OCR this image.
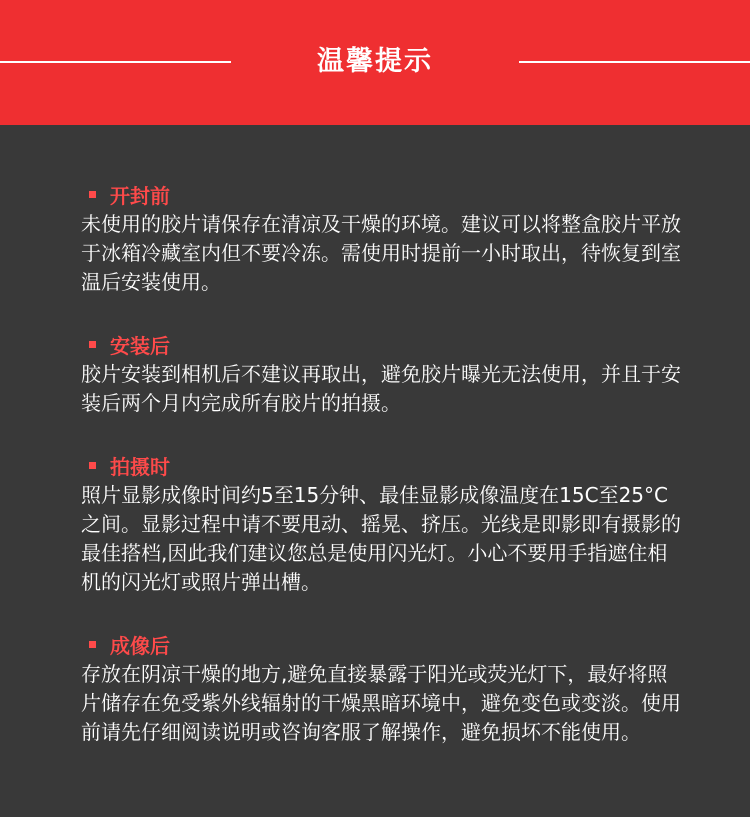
温馨提示
开封前
未使用的胶片请保存在清凉及干燥的环境。建议可以将整盒胶片平放于冰箱冷藏室内但不要冷冻。需使用时提前一小时取出，待恢复到室温后安装使用。
安装后
胶片安装到相机后不建议再取出，避免胶片曝光无法使用，并且于安装后两个月内完成所有胶片的拍摄。
拍摄时
照片显影成像时间约5至15分钟、最佳显影成像温度在15C至25°C之间。显影过程中请不要甩动、摇晃、挤压。光线是即影即有摄影的最佳搭档,因此我们建议您总是使用闪光灯。小心不要用手指遮住相机的闪光灯或照片弹出槽。
成像后
存放在阴凉干燥的地方,避免直接暴露于阳光或荧光灯下，最好将照片储存在免受紫外线辐射的干燥黑暗环境中，避免变色或变淡。使用前请先仔细阅读说明或咨询客服了解操作，避免损坏不能使用。
